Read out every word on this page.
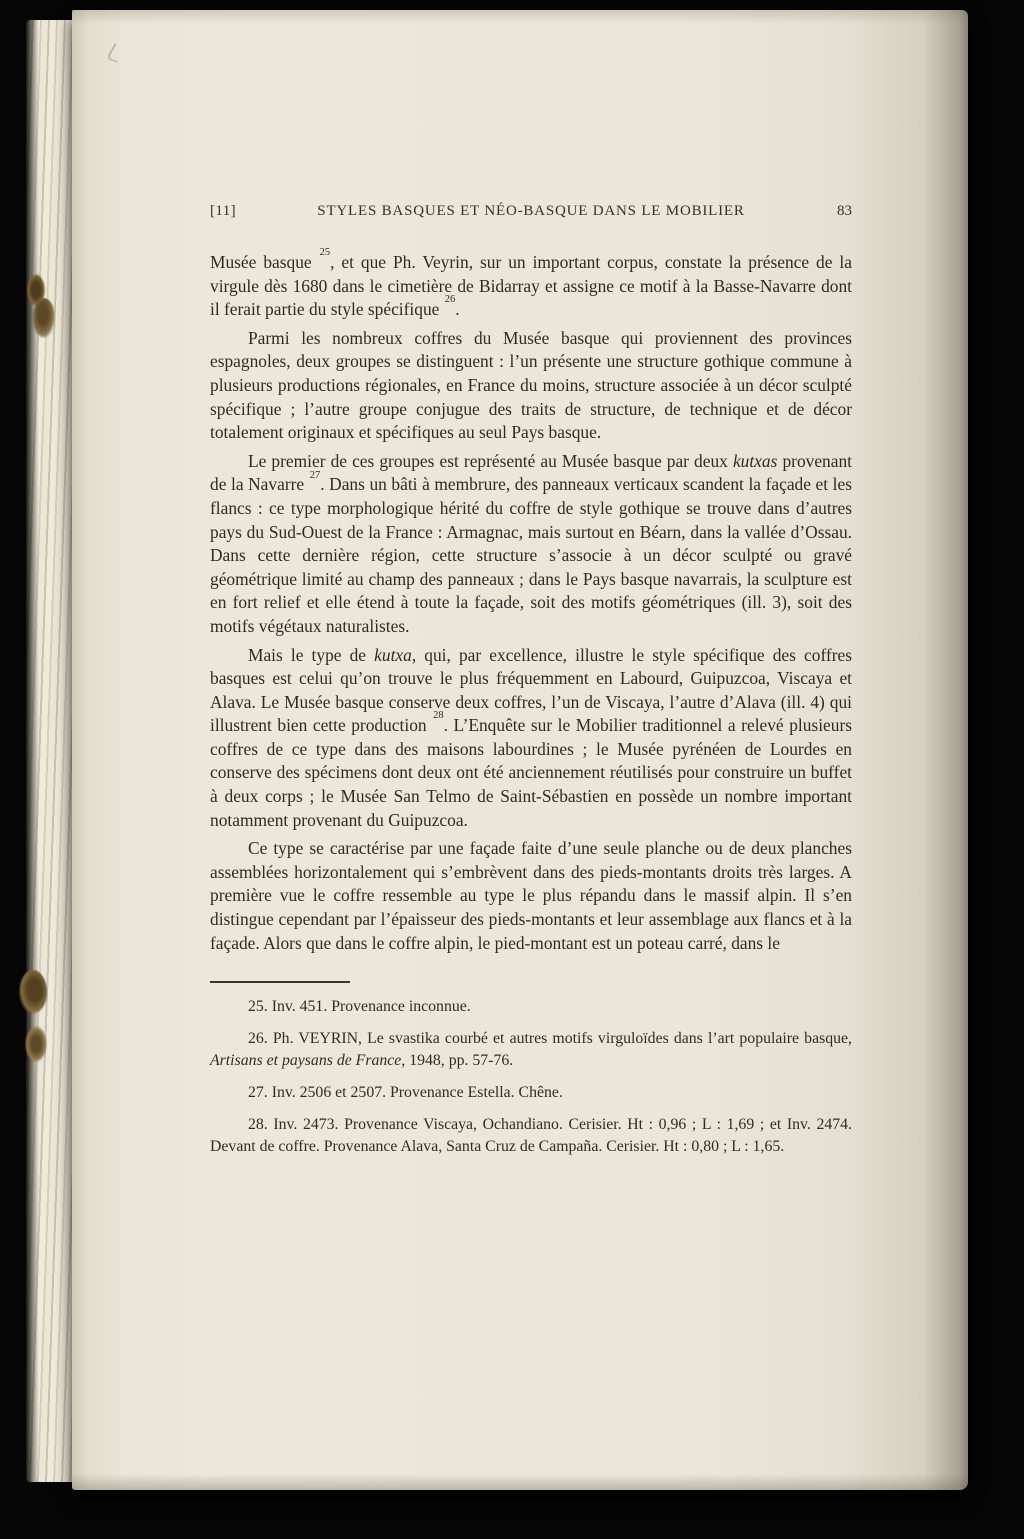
[11]	STYLES BASQUES ET NÉO-BASQUE DANS LE MOBILIER	83

Musée basque $^{25}$, et que Ph. Veyrin, sur un important corpus, constate la présence de la virgule dès 1680 dans le cimetière de Bidarray et assigne ce motif à la Basse-Navarre dont il ferait partie du style spécifique $^{26}$.

Parmi les nombreux coffres du Musée basque qui proviennent des provinces espagnoles, deux groupes se distinguent : l’un présente une structure gothique commune à plusieurs productions régionales, en France du moins, structure associée à un décor sculpté spécifique ; l’autre groupe conjugue des traits de structure, de technique et de décor totalement originaux et spécifiques au seul Pays basque.

Le premier de ces groupes est représenté au Musée basque par deux kutxas provenant de la Navarre $^{27}$. Dans un bâti à membrure, des panneaux verticaux scandent la façade et les flancs : ce type morphologique hérité du coffre de style gothique se trouve dans d’autres pays du Sud-Ouest de la France : Armagnac, mais surtout en Béarn, dans la vallée d’Ossau. Dans cette dernière région, cette structure s’associe à un décor sculpté ou gravé géométrique limité au champ des panneaux ; dans le Pays basque navarrais, la sculpture est en fort relief et elle étend à toute la façade, soit des motifs géométriques (ill. 3), soit des motifs végétaux naturalistes.

Mais le type de kutxa, qui, par excellence, illustre le style spécifique des coffres basques est celui qu’on trouve le plus fréquemment en Labourd, Guipuzcoa, Viscaya et Alava. Le Musée basque conserve deux coffres, l’un de Viscaya, l’autre d’Alava (ill. 4) qui illustrent bien cette production $^{28}$. L’Enquête sur le Mobilier traditionnel a relevé plusieurs coffres de ce type dans des maisons labourdines ; le Musée pyrénéen de Lourdes en conserve des spécimens dont deux ont été anciennement réutilisés pour construire un buffet à deux corps ; le Musée San Telmo de Saint-Sébastien en possède un nombre important notamment provenant du Guipuzcoa.

Ce type se caractérise par une façade faite d’une seule planche ou de deux planches assemblées horizontalement qui s’embrèvent dans des pieds-montants droits très larges. A première vue le coffre ressemble au type le plus répandu dans le massif alpin. Il s’en distingue cependant par l’épaisseur des pieds-montants et leur assemblage aux flancs et à la façade. Alors que dans le coffre alpin, le pied-montant est un poteau carré, dans le

25. Inv. 451. Provenance inconnue.

26. Ph. VEYRIN, Le svastika courbé et autres motifs virguloïdes dans l’art populaire basque, Artisans et paysans de France, 1948, pp. 57-76.

27. Inv. 2506 et 2507. Provenance Estella. Chêne.

28. Inv. 2473. Provenance Viscaya, Ochandiano. Cerisier. Ht : 0,96 ; L : 1,69 ; et Inv. 2474. Devant de coffre. Provenance Alava, Santa Cruz de Campaña. Cerisier. Ht : 0,80 ; L : 1,65.
